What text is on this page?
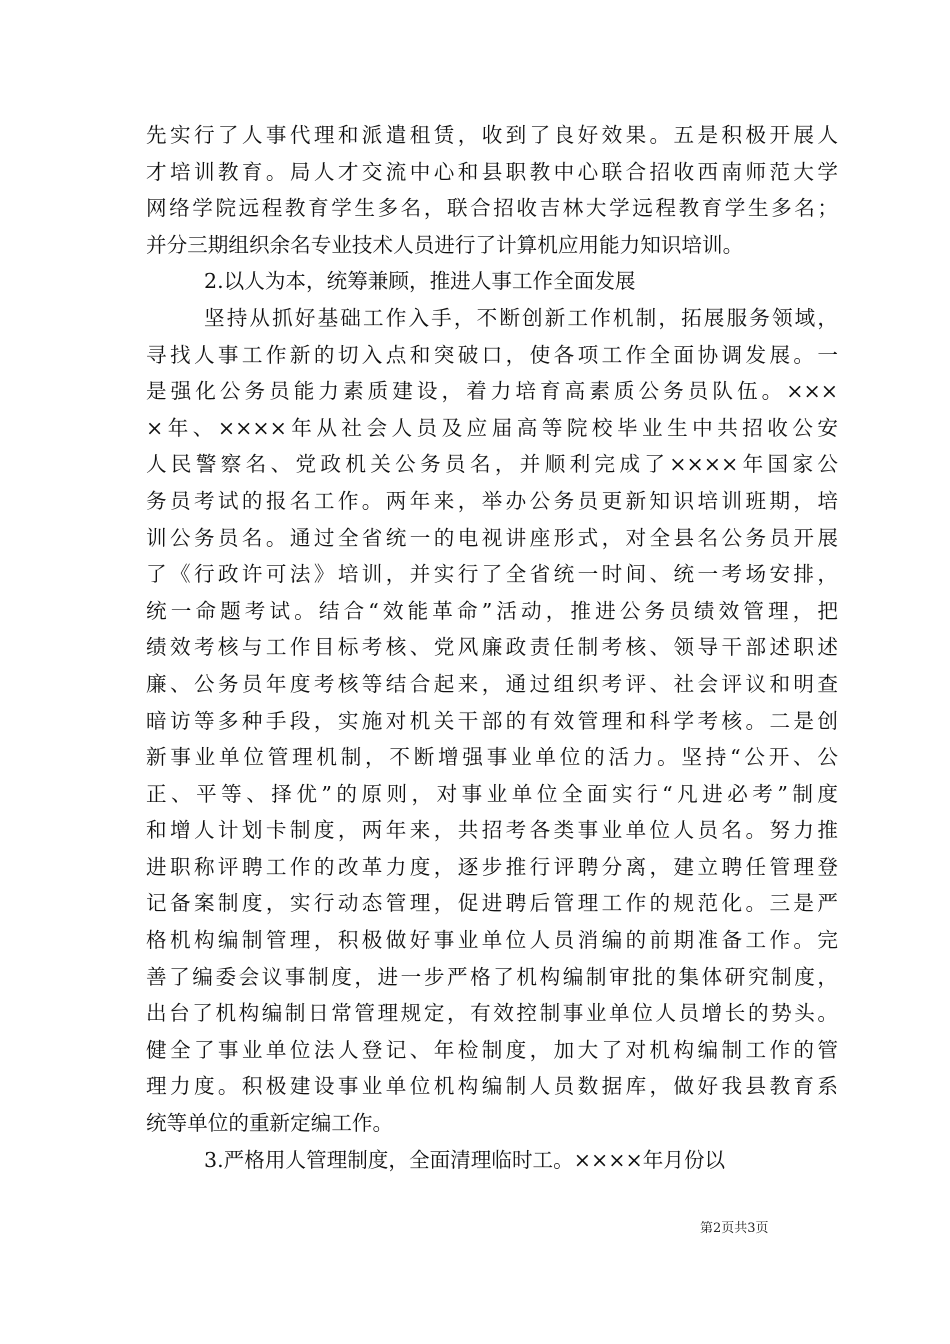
先实行了人事代理和派遣租赁，收到了良好效果。五是积极开展人
才培训教育。局人才交流中心和县职教中心联合招收西南师范大学
网络学院远程教育学生多名，联合招收吉林大学远程教育学生多名；
并分三期组织余名专业技术人员进行了计算机应用能力知识培训。
2.以人为本，统筹兼顾，推进人事工作全面发展
坚持从抓好基础工作入手，不断创新工作机制，拓展服务领域，
寻找人事工作新的切入点和突破口，使各项工作全面协调发展。一
是强化公务员能力素质建设，着力培育高素质公务员队伍。×××
×年、××××年从社会人员及应届高等院校毕业生中共招收公安
人民警察名、党政机关公务员名，并顺利完成了××××年国家公
务员考试的报名工作。两年来，举办公务员更新知识培训班期，培
训公务员名。通过全省统一的电视讲座形式，对全县名公务员开展
了《行政许可法》培训，并实行了全省统一时间、统一考场安排，
统一命题考试。结合“效能革命”活动，推进公务员绩效管理，把
绩效考核与工作目标考核、党风廉政责任制考核、领导干部述职述
廉、公务员年度考核等结合起来，通过组织考评、社会评议和明查
暗访等多种手段，实施对机关干部的有效管理和科学考核。二是创
新事业单位管理机制，不断增强事业单位的活力。坚持“公开、公
正、平等、择优”的原则，对事业单位全面实行“凡进必考”制度
和增人计划卡制度，两年来，共招考各类事业单位人员名。努力推
进职称评聘工作的改革力度，逐步推行评聘分离，建立聘任管理登
记备案制度，实行动态管理，促进聘后管理工作的规范化。三是严
格机构编制管理，积极做好事业单位人员消编的前期准备工作。完
善了编委会议事制度，进一步严格了机构编制审批的集体研究制度，
出台了机构编制日常管理规定，有效控制事业单位人员增长的势头。
健全了事业单位法人登记、年检制度，加大了对机构编制工作的管
理力度。积极建设事业单位机构编制人员数据库，做好我县教育系
统等单位的重新定编工作。
3.严格用人管理制度，全面清理临时工。××××年月份以
第2页共3页
